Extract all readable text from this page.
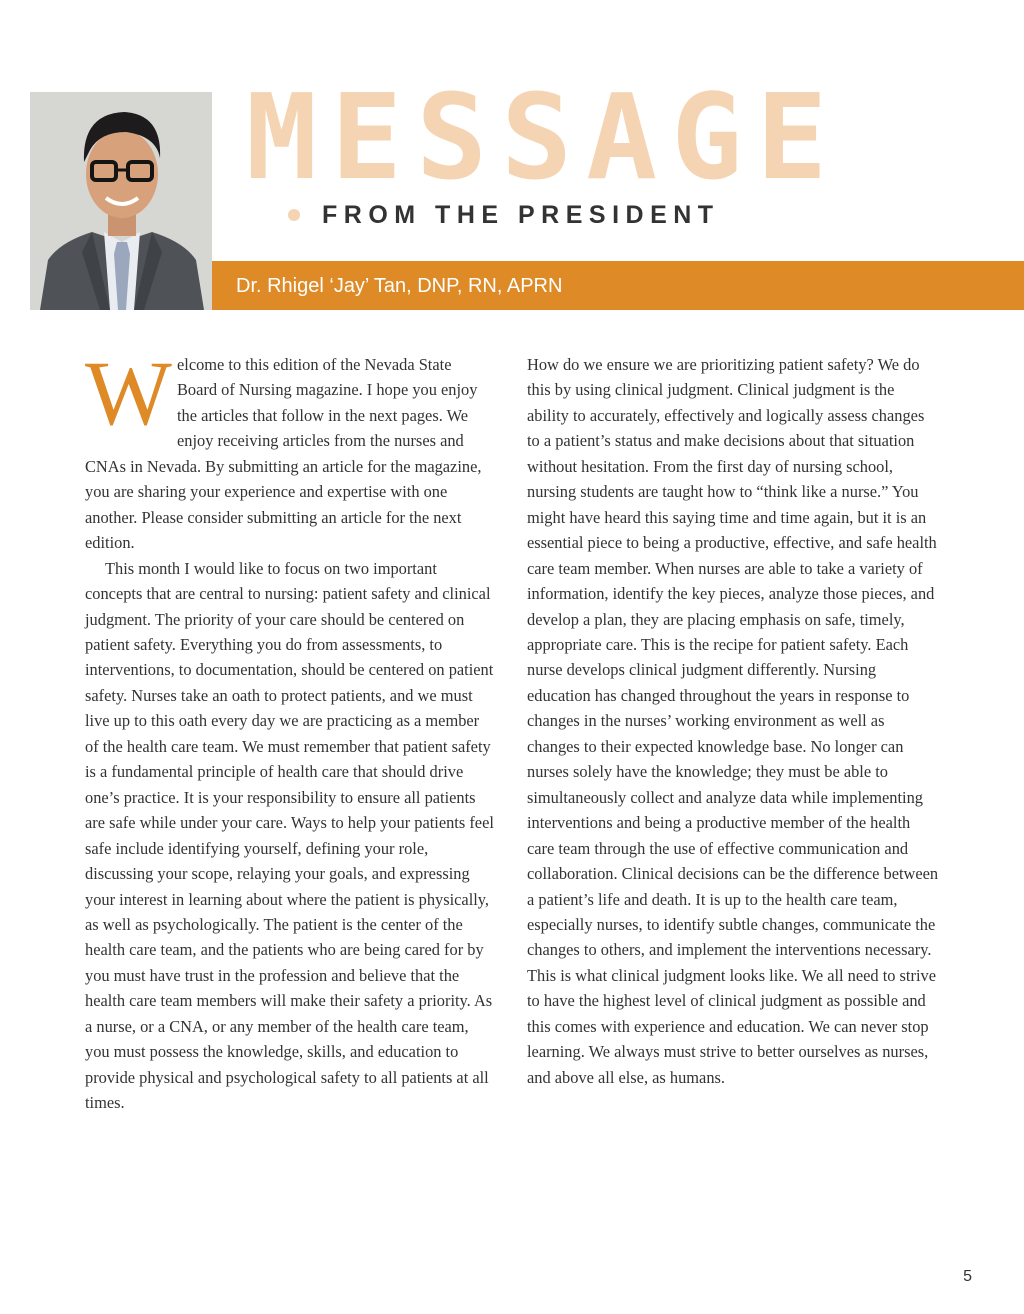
MESSAGE
FROM THE PRESIDENT
Dr. Rhigel ‘Jay’ Tan, DNP, RN, APRN

Welcome to this edition of the Nevada State Board of Nursing magazine. I hope you enjoy the articles that follow in the next pages. We enjoy receiving articles from the nurses and CNAs in Nevada. By submitting an article for the magazine, you are sharing your experience and expertise with one another. Please consider submitting an article for the next edition.

This month I would like to focus on two important concepts that are central to nursing: patient safety and clinical judgment. The priority of your care should be centered on patient safety. Everything you do from assessments, to interventions, to documentation, should be centered on patient safety. Nurses take an oath to protect patients, and we must live up to this oath every day we are practicing as a member of the health care team. We must remember that patient safety is a fundamental principle of health care that should drive one’s practice. It is your responsibility to ensure all patients are safe while under your care. Ways to help your patients feel safe include identifying yourself, defining your role, discussing your scope, relaying your goals, and expressing your interest in learning about where the patient is physically, as well as psychologically. The patient is the center of the health care team, and the patients who are being cared for by you must have trust in the profession and believe that the health care team members will make their safety a priority. As a nurse, or a CNA, or any member of the health care team, you must possess the knowledge, skills, and education to provide physical and psychological safety to all patients at all times.

How do we ensure we are prioritizing patient safety? We do this by using clinical judgment. Clinical judgment is the ability to accurately, effectively and logically assess changes to a patient’s status and make decisions about that situation without hesitation. From the first day of nursing school, nursing students are taught how to “think like a nurse.” You might have heard this saying time and time again, but it is an essential piece to being a productive, effective, and safe health care team member. When nurses are able to take a variety of information, identify the key pieces, analyze those pieces, and develop a plan, they are placing emphasis on safe, timely, appropriate care. This is the recipe for patient safety. Each nurse develops clinical judgment differently. Nursing education has changed throughout the years in response to changes in the nurses’ working environment as well as changes to their expected knowledge base. No longer can nurses solely have the knowledge; they must be able to simultaneously collect and analyze data while implementing interventions and being a productive member of the health care team through the use of effective communication and collaboration. Clinical decisions can be the difference between a patient’s life and death. It is up to the health care team, especially nurses, to identify subtle changes, communicate the changes to others, and implement the interventions necessary. This is what clinical judgment looks like. We all need to strive to have the highest level of clinical judgment as possible and this comes with experience and education. We can never stop learning. We always must strive to better ourselves as nurses, and above all else, as humans.

5
